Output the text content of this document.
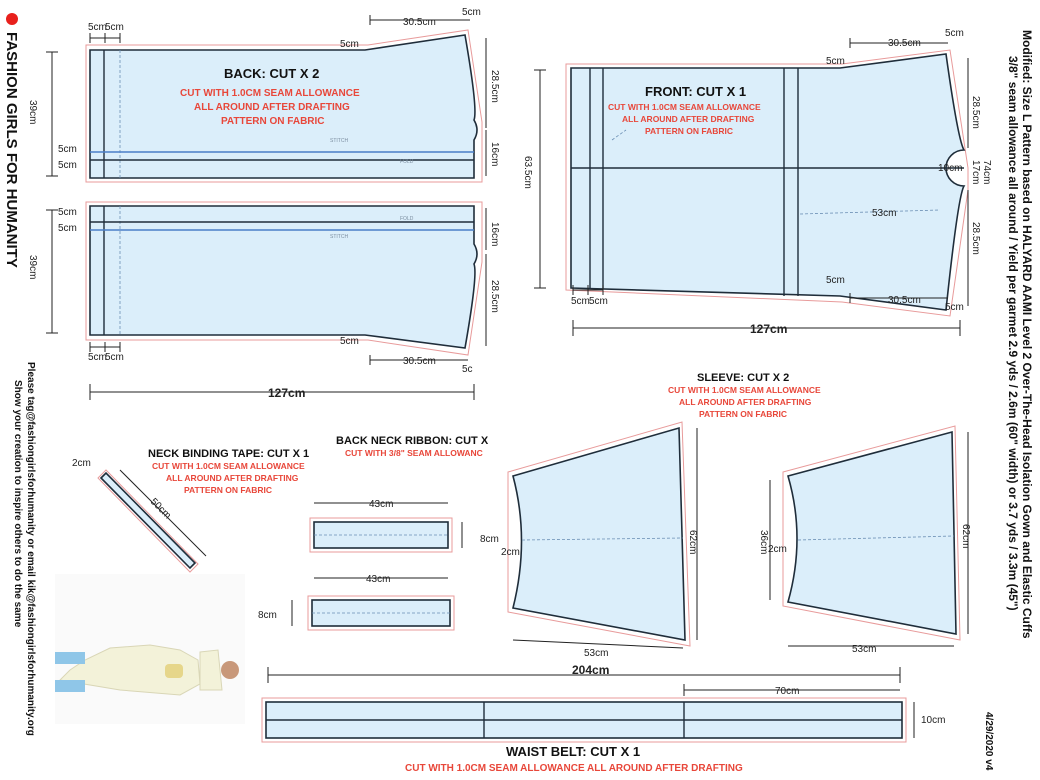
FASHION GIRLS FOR HUMANITY	Modified: Size L Pattern based on HALYARD AAMI Level 2 Over-The-Head Isolation Gown and Elastic Cuffs
3/8" seam allowance all around / Yield per garmet 2.9 yds / 2.6m (60" width) or 3.7 yds / 3.3m (45")
4/29/2020 v4
Please tag@fashiongirlsforhumanity or email kik@fashiongirlsforhumanity.org
Show your creation to inspire others to do the same
STITCH
FOLD
FOLD
STITCH
BACK: CUT X 2
CUT WITH 1.0CM SEAM ALLOWANCE
ALL AROUND AFTER DRAFTING
PATTERN ON FABRIC
30.5cm
5cm
5cm
5cm
5cm
28.5cm
16cm
39cm
5cm
5cm
5cm
5cm
39cm
16cm
28.5cm
5cm
30.5cm
5c
5cm
5cm
127cm
FRONT: CUT X 1
CUT WITH 1.0CM SEAM ALLOWANCE
ALL AROUND AFTER DRAFTING
PATTERN ON FABRIC
30.5cm
5cm
5cm
28.5cm
17cm
10cm 74cm
28.5cm
63.5cm
53cm
5cm
30.5cm
5cm
5cm 5cm
127cm
SLEEVE: CUT X 2
CUT WITH 1.0CM SEAM ALLOWANCE
ALL AROUND AFTER DRAFTING
PATTERN ON FABRIC
62cm
53cm
2cm
62cm
36cm 2cm
53cm
NECK BINDING TAPE: CUT X 1
CUT WITH 1.0CM SEAM ALLOWANCE
ALL AROUND AFTER DRAFTING
PATTERN ON FABRIC
2cm
50cm
BACK NECK RIBBON: CUT X
CUT WITH 3/8" SEAM ALLOWANC
43cm
8cm
43cm
8cm
204cm
70cm
10cm
WAIST BELT: CUT X 1
CUT WITH 1.0CM SEAM ALLOWANCE ALL AROUND AFTER DRAFTING
